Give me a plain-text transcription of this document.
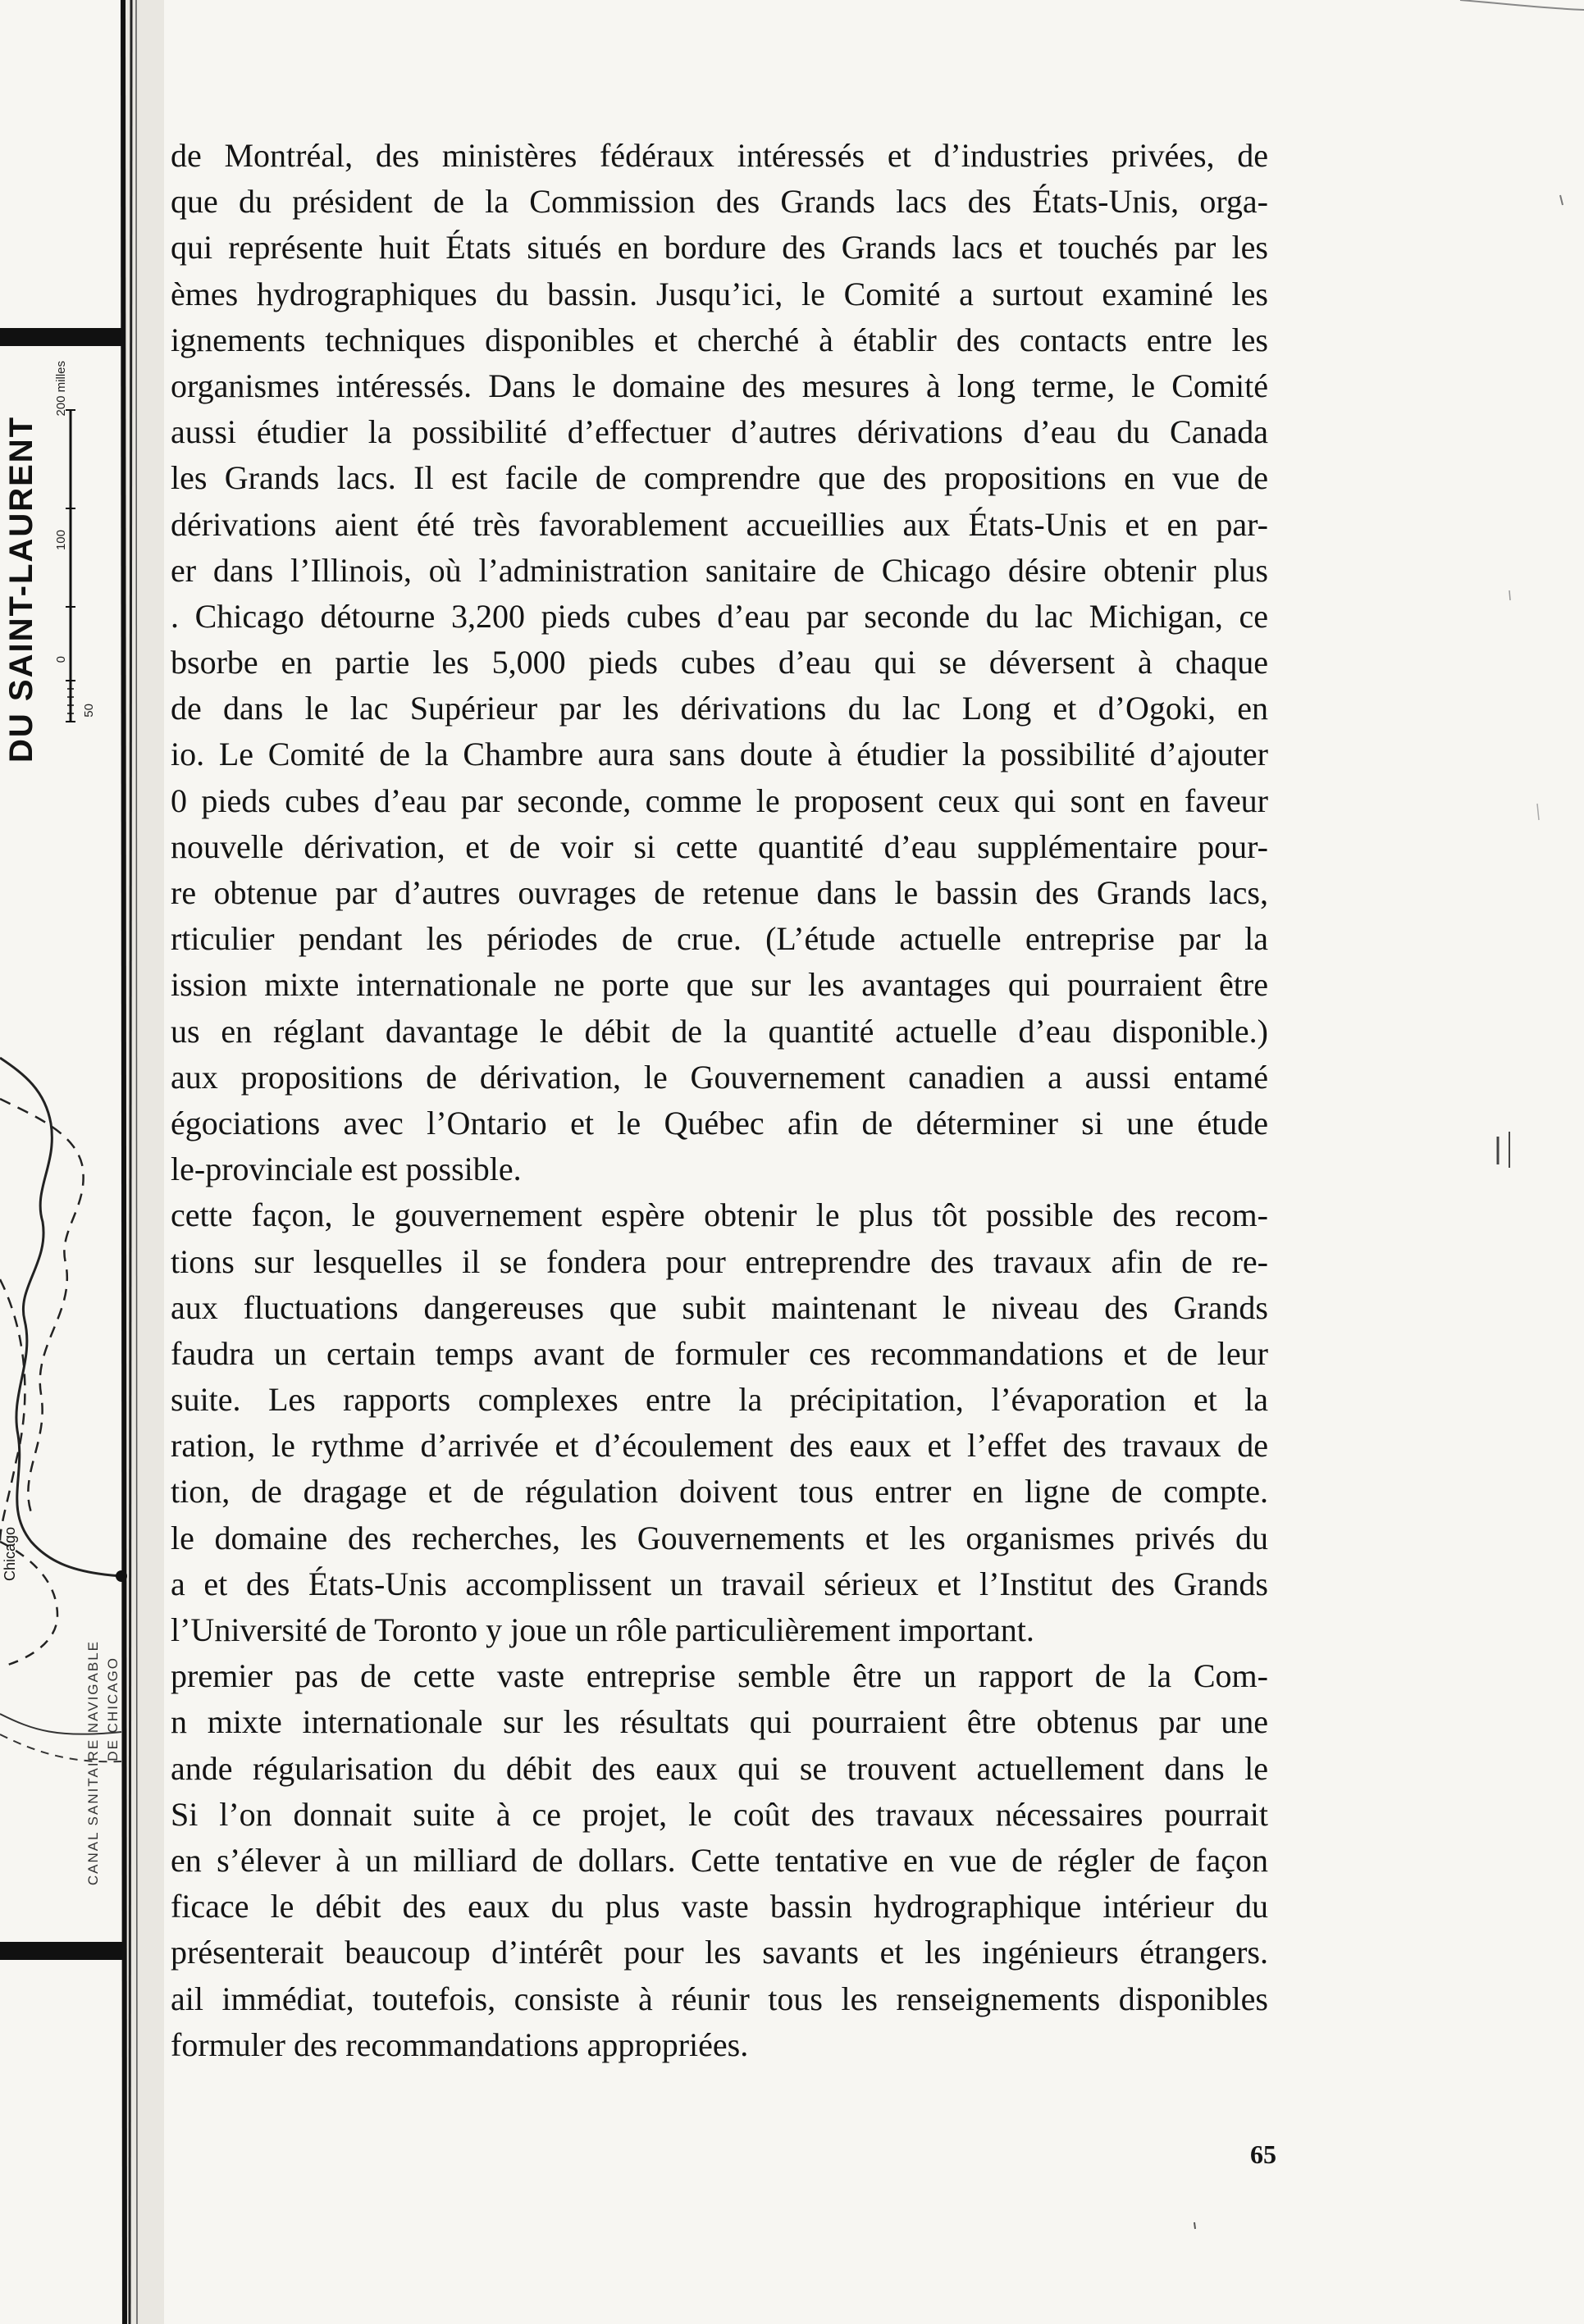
DU SAINT-LAURENT	50
0
100
200 milles
Chicago
CANAL SANITAIRE NAVIGABLE DE CHICAGO
de Montréal, des ministères fédéraux intéressés et d’industries privées, de
que du président de la Commission des Grands lacs des États-Unis, orga-
qui représente huit États situés en bordure des Grands lacs et touchés par les
èmes hydrographiques du bassin. Jusqu’ici, le Comité a surtout examiné les
ignements techniques disponibles et cherché à établir des contacts entre les
organismes intéressés. Dans le domaine des mesures à long terme, le Comité
aussi étudier la possibilité d’effectuer d’autres dérivations d’eau du Canada
les Grands lacs. Il est facile de comprendre que des propositions en vue de
dérivations aient été très favorablement accueillies aux États-Unis et en par-
er dans l’Illinois, où l’administration sanitaire de Chicago désire obtenir plus
. Chicago détourne 3,200 pieds cubes d’eau par seconde du lac Michigan, ce
bsorbe en partie les 5,000 pieds cubes d’eau qui se déversent à chaque
de dans le lac Supérieur par les dérivations du lac Long et d’Ogoki, en
io. Le Comité de la Chambre aura sans doute à étudier la possibilité d’ajouter
0 pieds cubes d’eau par seconde, comme le proposent ceux qui sont en faveur
nouvelle dérivation, et de voir si cette quantité d’eau supplémentaire pour-
re obtenue par d’autres ouvrages de retenue dans le bassin des Grands lacs,
rticulier pendant les périodes de crue. (L’étude actuelle entreprise par la
ission mixte internationale ne porte que sur les avantages qui pourraient être
us en réglant davantage le débit de la quantité actuelle d’eau disponible.)
aux propositions de dérivation, le Gouvernement canadien a aussi entamé
égociations avec l’Ontario et le Québec afin de déterminer si une étude
le-provinciale est possible.
cette façon, le gouvernement espère obtenir le plus tôt possible des recom-
tions sur lesquelles il se fondera pour entreprendre des travaux afin de re-
aux fluctuations dangereuses que subit maintenant le niveau des Grands
faudra un certain temps avant de formuler ces recommandations et de leur
suite. Les rapports complexes entre la précipitation, l’évaporation et la
ration, le rythme d’arrivée et d’écoulement des eaux et l’effet des travaux de
tion, de dragage et de régulation doivent tous entrer en ligne de compte.
le domaine des recherches, les Gouvernements et les organismes privés du
a et des États-Unis accomplissent un travail sérieux et l’Institut des Grands
l’Université de Toronto y joue un rôle particulièrement important.
premier pas de cette vaste entreprise semble être un rapport de la Com-
n mixte internationale sur les résultats qui pourraient être obtenus par une
ande régularisation du débit des eaux qui se trouvent actuellement dans le
Si l’on donnait suite à ce projet, le coût des travaux nécessaires pourrait
en s’élever à un milliard de dollars. Cette tentative en vue de régler de façon
ficace le débit des eaux du plus vaste bassin hydrographique intérieur du
présenterait beaucoup d’intérêt pour les savants et les ingénieurs étrangers.
ail immédiat, toutefois, consiste à réunir tous les renseignements disponibles
formuler des recommandations appropriées.
65
